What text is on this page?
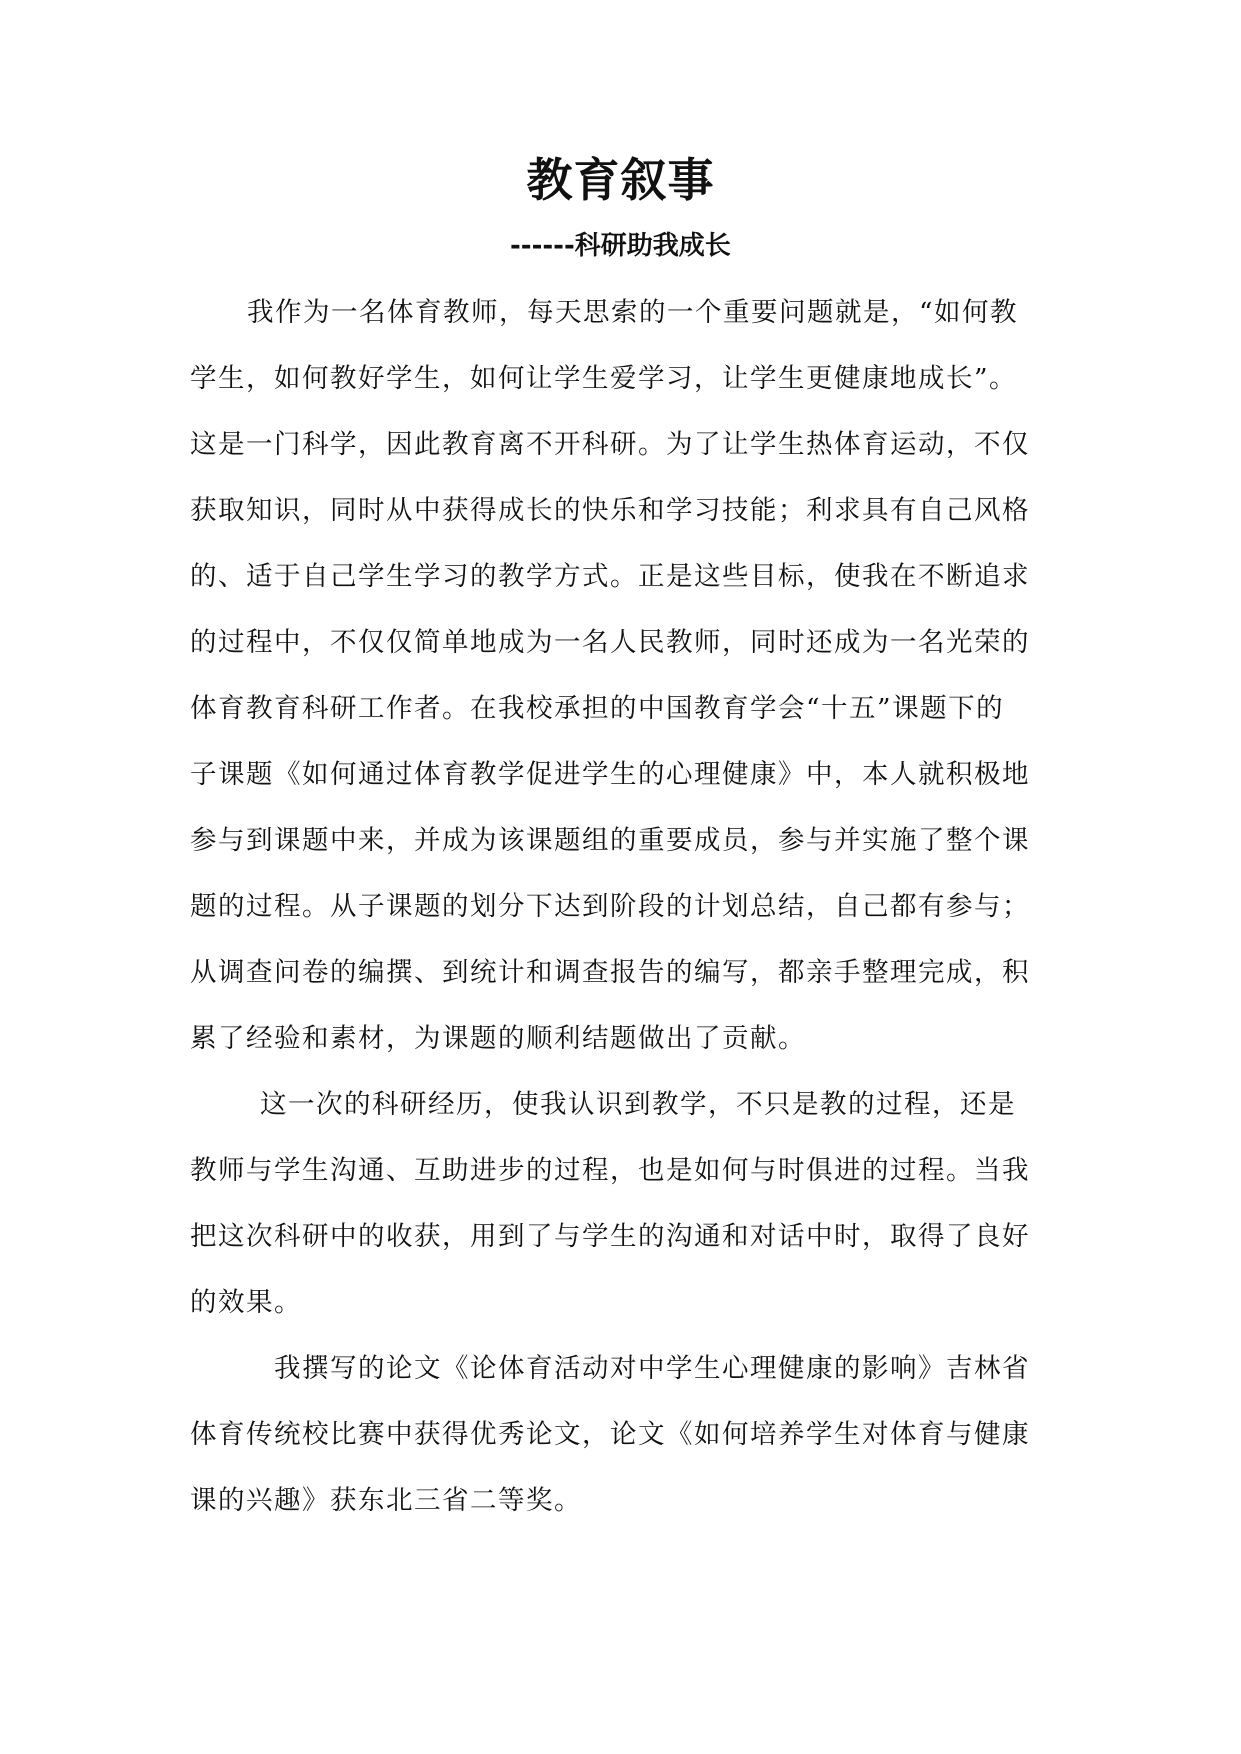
教育叙事
------科研助我成长
我作为一名体育教师，每天思索的一个重要问题就是，“如何教
学生，如何教好学生，如何让学生爱学习，让学生更健康地成长”。
这是一门科学，因此教育离不开科研。为了让学生热体育运动，不仅
获取知识，同时从中获得成长的快乐和学习技能；利求具有自己风格
的、适于自己学生学习的教学方式。正是这些目标，使我在不断追求
的过程中，不仅仅简单地成为一名人民教师，同时还成为一名光荣的
体育教育科研工作者。在我校承担的中国教育学会“十五”课题下的
子课题《如何通过体育教学促进学生的心理健康》中，本人就积极地
参与到课题中来，并成为该课题组的重要成员，参与并实施了整个课
题的过程。从子课题的划分下达到阶段的计划总结，自己都有参与；
从调查问卷的编撰、到统计和调查报告的编写，都亲手整理完成，积
累了经验和素材，为课题的顺利结题做出了贡献。
这一次的科研经历，使我认识到教学，不只是教的过程，还是
教师与学生沟通、互助进步的过程，也是如何与时俱进的过程。当我
把这次科研中的收获，用到了与学生的沟通和对话中时，取得了良好
的效果。
我撰写的论文《论体育活动对中学生心理健康的影响》吉林省
体育传统校比赛中获得优秀论文，论文《如何培养学生对体育与健康
课的兴趣》获东北三省二等奖。
